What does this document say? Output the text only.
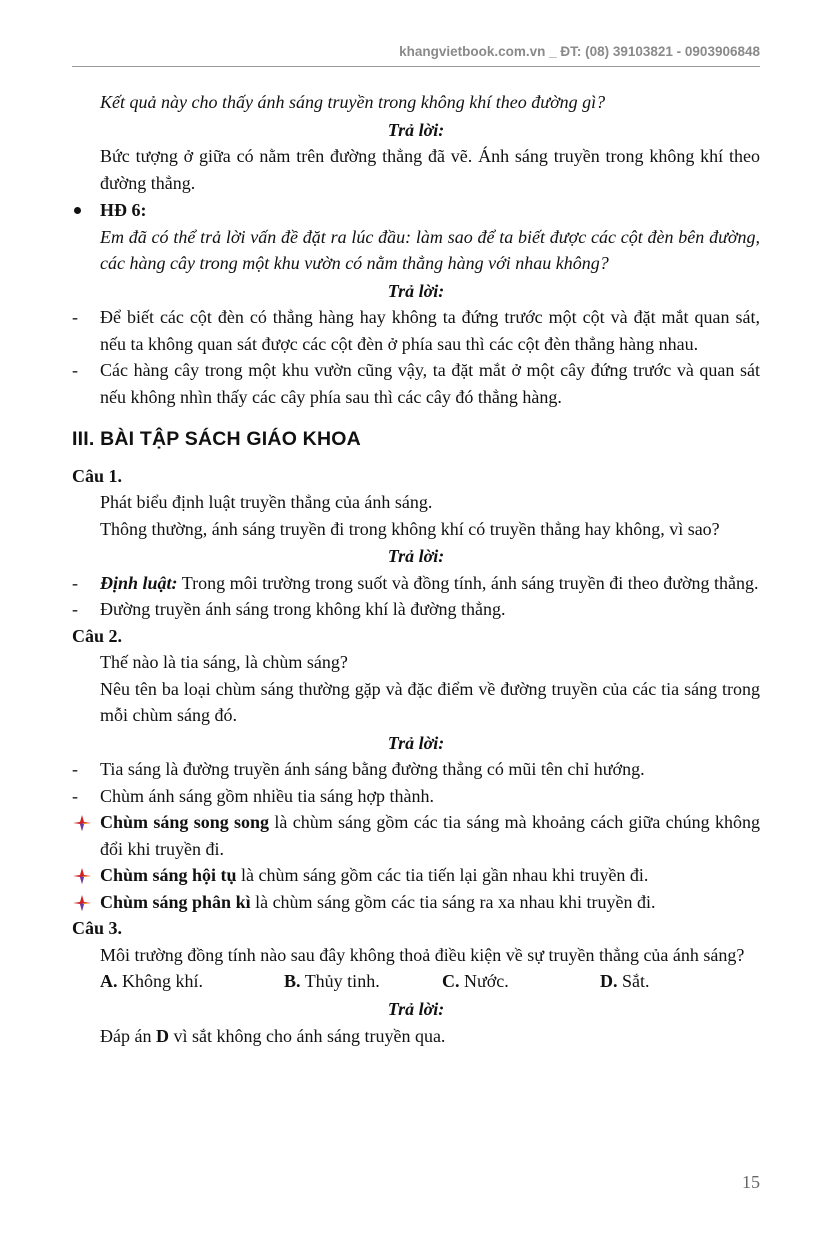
khangvietbook.com.vn _ ĐT: (08) 39103821 - 0903906848

Kết quả này cho thấy ánh sáng truyền trong không khí theo đường gì?

Trả lời:

Bức tượng ở giữa có nằm trên đường thẳng đã vẽ. Ánh sáng truyền trong không khí theo đường thẳng.

HĐ 6:

Em đã có thể trả lời vấn đề đặt ra lúc đầu: làm sao để ta biết được các cột đèn bên đường, các hàng cây trong một khu vườn có nằm thẳng hàng với nhau không?

Trả lời:

- Để biết các cột đèn có thẳng hàng hay không ta đứng trước một cột và đặt mắt quan sát, nếu ta không quan sát được các cột đèn ở phía sau thì các cột đèn thẳng hàng nhau.
- Các hàng cây trong một khu vườn cũng vậy, ta đặt mắt ở một cây đứng trước và quan sát nếu không nhìn thấy các cây phía sau thì các cây đó thẳng hàng.
III. BÀI TẬP SÁCH GIÁO KHOA

Câu 1.

Phát biểu định luật truyền thẳng của ánh sáng.

Thông thường, ánh sáng truyền đi trong không khí có truyền thẳng hay không, vì sao?

Trả lời:

- Định luật: Trong môi trường trong suốt và đồng tính, ánh sáng truyền đi theo đường thẳng.
- Đường truyền ánh sáng trong không khí là đường thẳng.

Câu 2.

Thế nào là tia sáng, là chùm sáng?

Nêu tên ba loại chùm sáng thường gặp và đặc điểm về đường truyền của các tia sáng trong mỗi chùm sáng đó.

Trả lời:

- Tia sáng là đường truyền ánh sáng bằng đường thẳng có mũi tên chỉ hướng.
- Chùm ánh sáng gồm nhiều tia sáng hợp thành.
Chùm sáng song song là chùm sáng gồm các tia sáng mà khoảng cách giữa chúng không đổi khi truyền đi.
Chùm sáng hội tụ là chùm sáng gồm các tia tiến lại gần nhau khi truyền đi.
Chùm sáng phân kì là chùm sáng gồm các tia sáng ra xa nhau khi truyền đi.

Câu 3.

Môi trường đồng tính nào sau đây không thoả điều kiện về sự truyền thẳng của ánh sáng?

A. Không khí.	B. Thủy tinh.	C. Nước.	D. Sắt.

Trả lời:

Đáp án D vì sắt không cho ánh sáng truyền qua.

15
